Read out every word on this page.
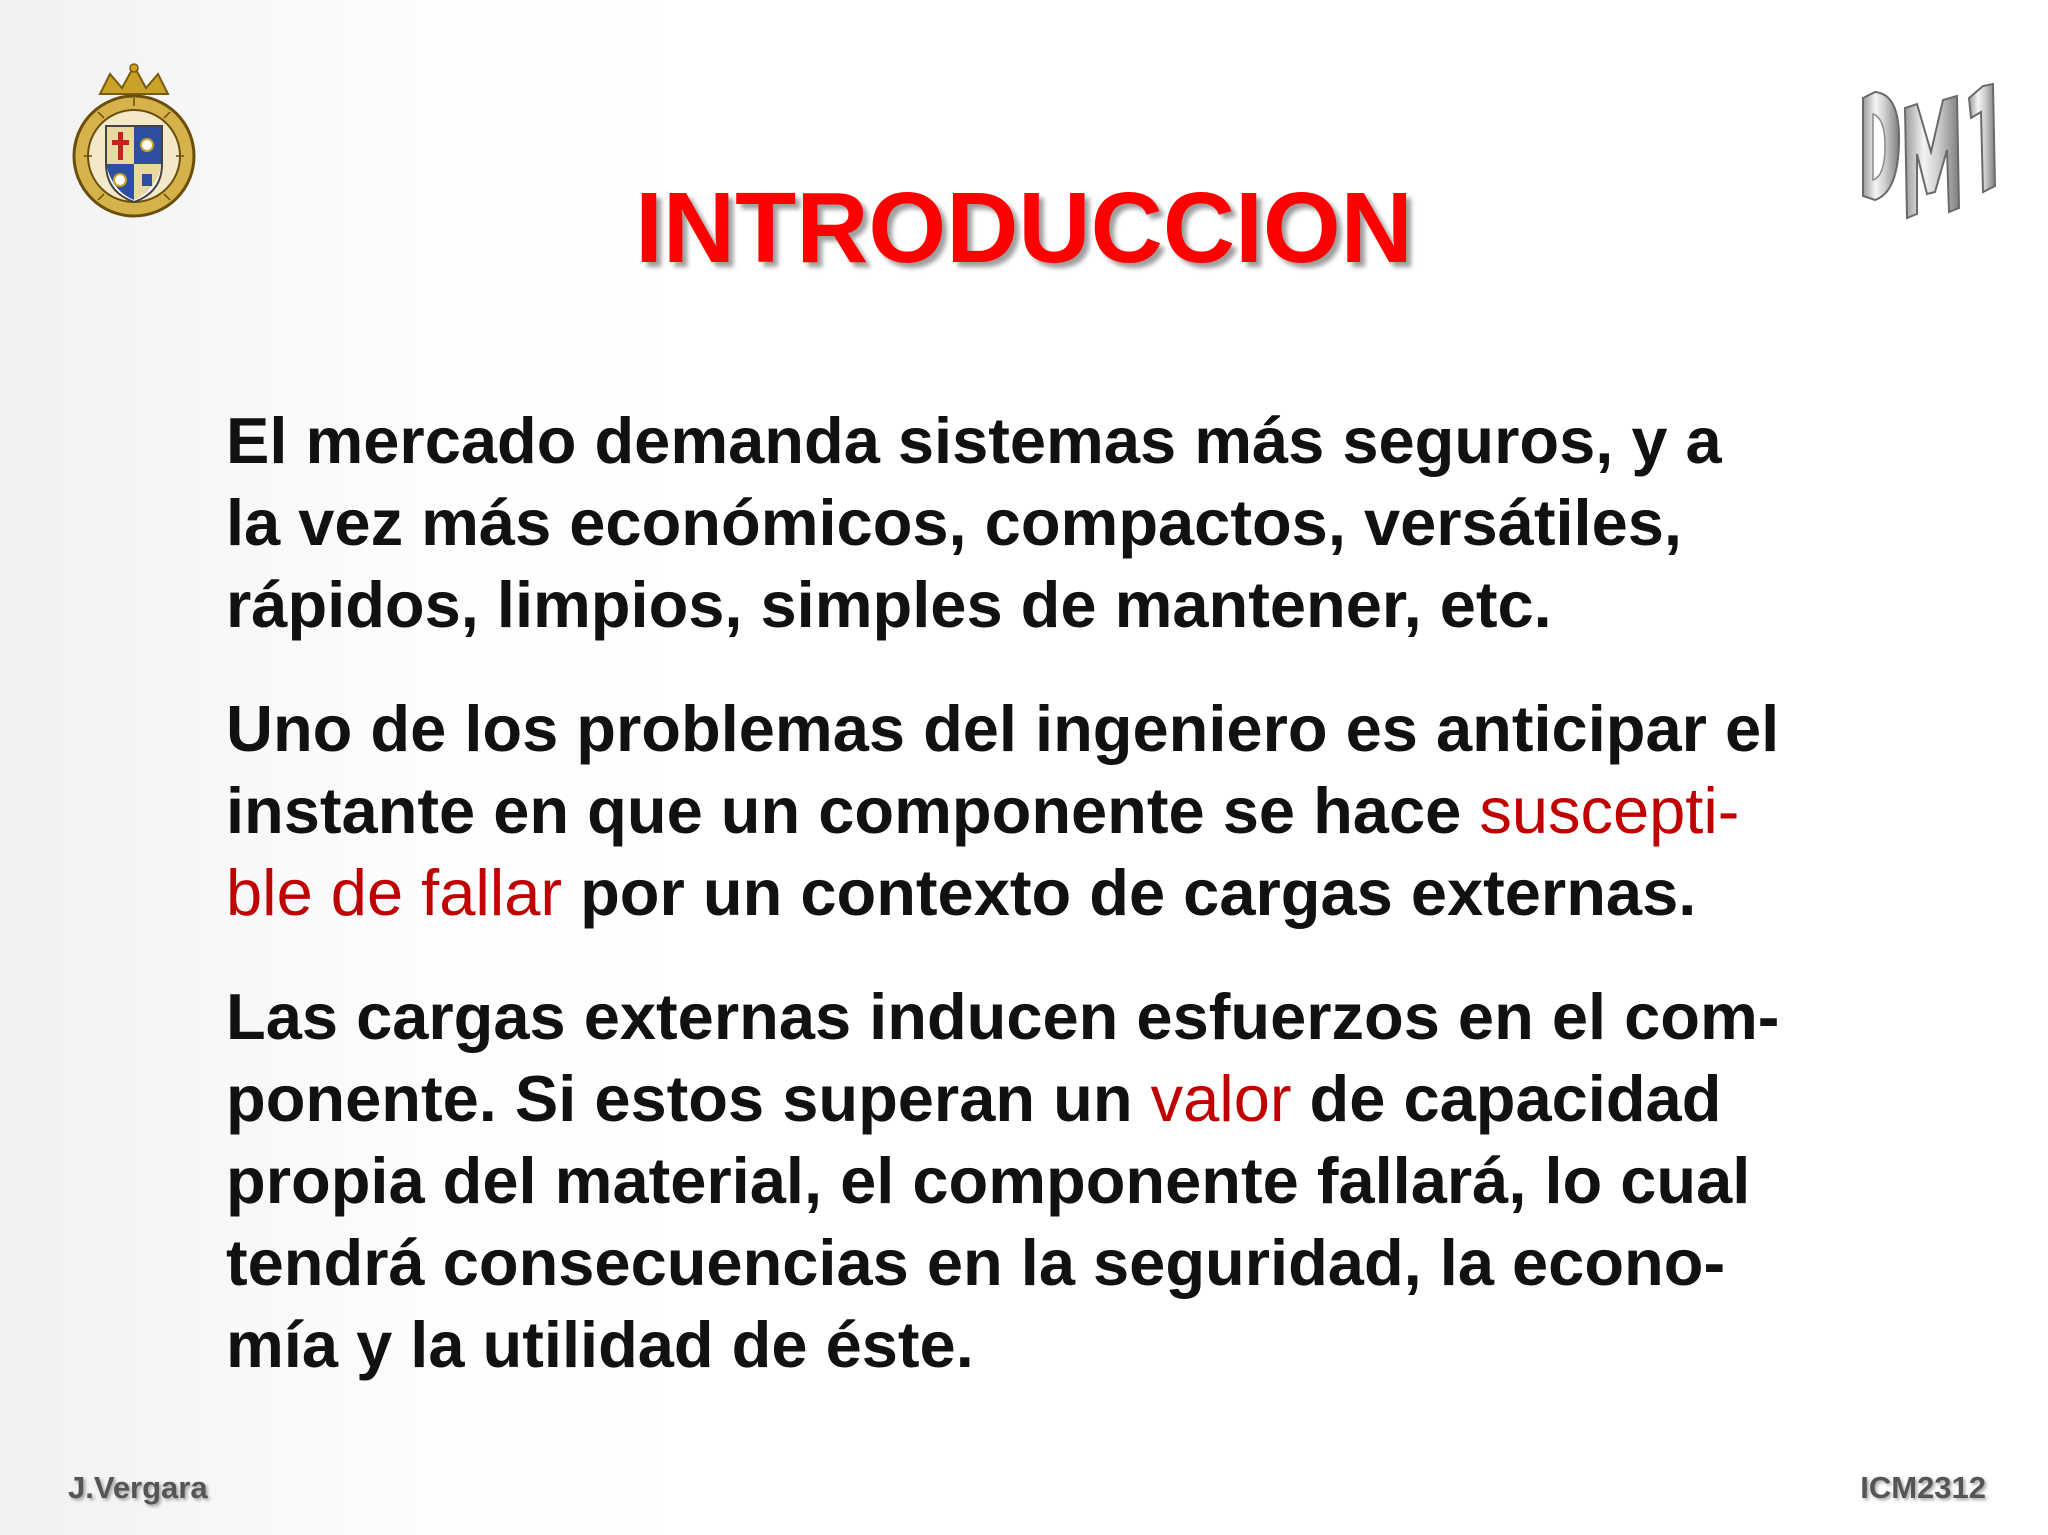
INTRODUCCION

El mercado demanda sistemas más seguros, y a
la vez más económicos, compactos, versátiles,
rápidos, limpios, simples de mantener, etc.

Uno de los problemas del ingeniero es anticipar el
instante en que un componente se hace suscepti-
ble de fallar por un contexto de cargas externas.

Las cargas externas inducen esfuerzos en el com-
ponente. Si estos superan un valor de capacidad
propia del material, el componente fallará, lo cual
tendrá consecuencias en la seguridad, la econo-
mía y la utilidad de éste.

J.Vergara	ICM2312
